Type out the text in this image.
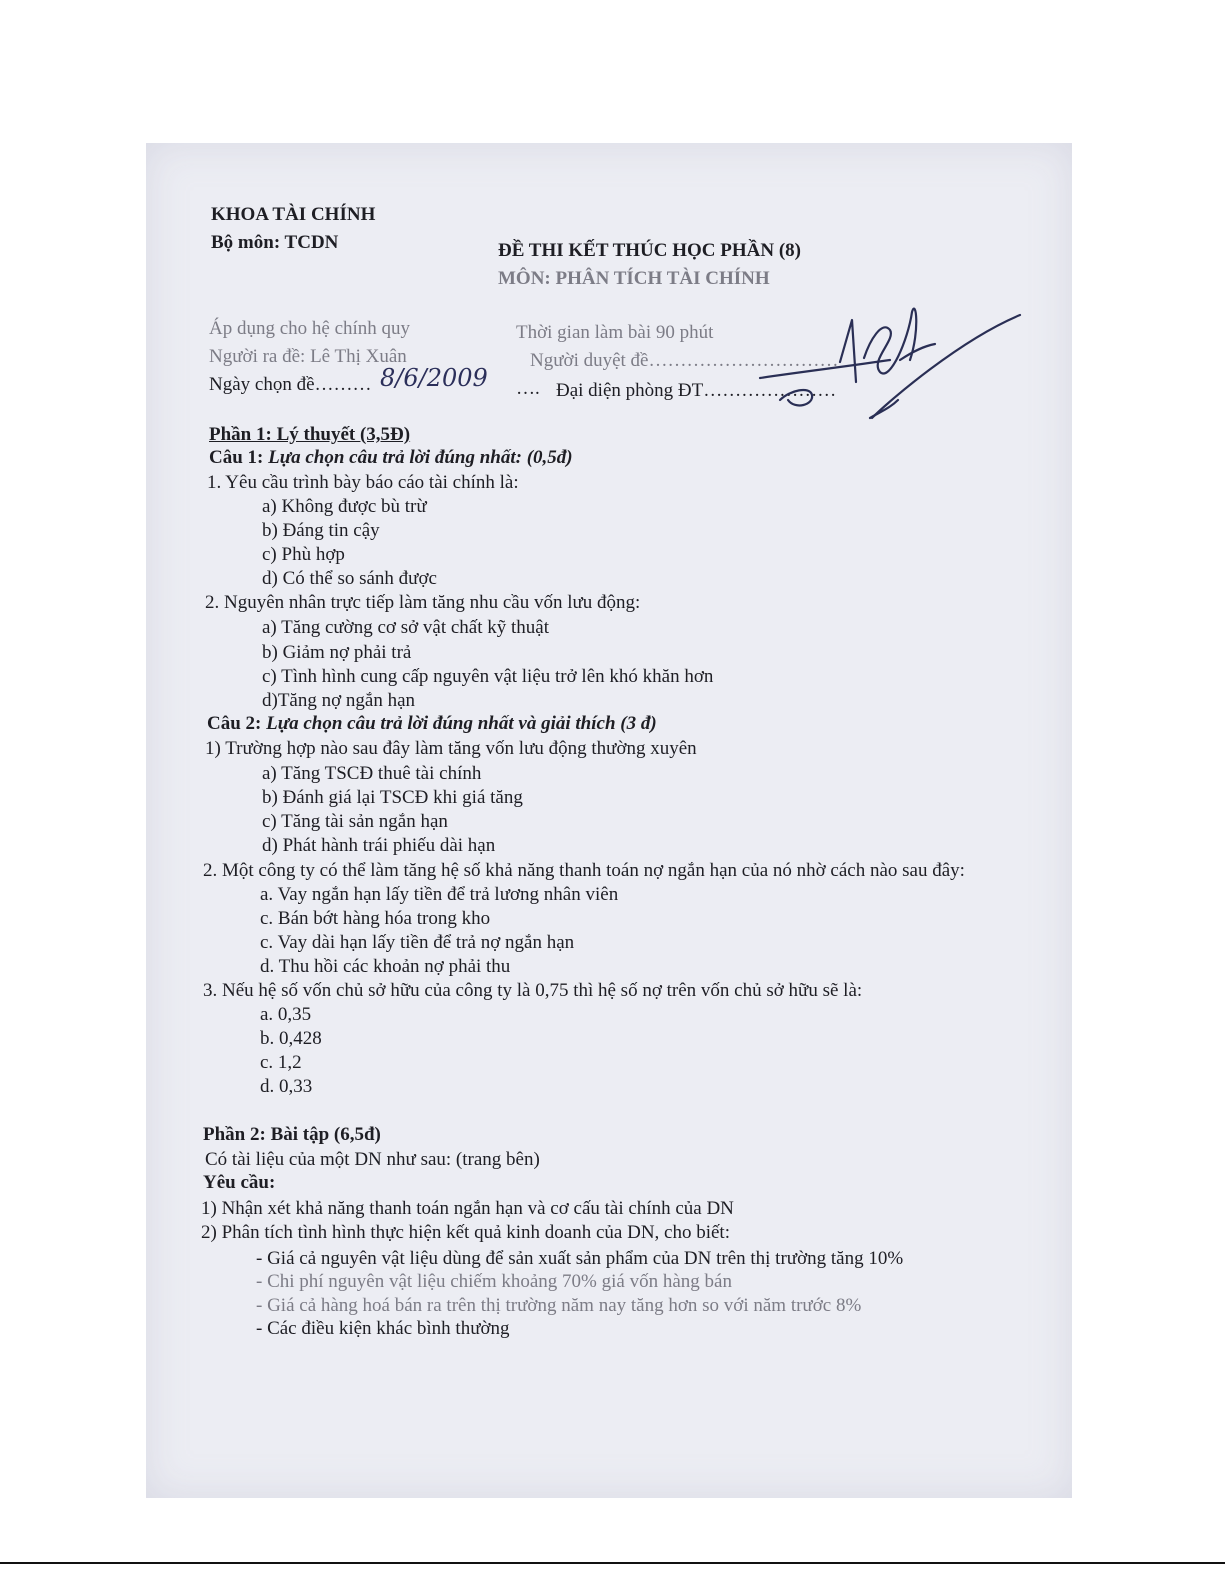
KHOA TÀI CHÍNH
Bộ môn: TCDN	ĐỀ THI KẾT THÚC HỌC PHẦN (8)
MÔN: PHÂN TÍCH TÀI CHÍNH
Áp dụng cho hệ chính quy	Thời gian làm bài 90 phút
Người ra đề: Lê Thị Xuân	Người duyệt đề…………………………
Ngày chọn đề……… 8/6/2009 …. Đại diện phòng ĐT…………………
Phần 1: Lý thuyết (3,5Đ)
Câu 1: Lựa chọn câu trả lời đúng nhất: (0,5đ)
1. Yêu cầu trình bày báo cáo tài chính là:
a) Không được bù trừ
b) Đáng tin cậy
c) Phù hợp
d) Có thể so sánh được
2. Nguyên nhân trực tiếp làm tăng nhu cầu vốn lưu động:
a) Tăng cường cơ sở vật chất kỹ thuật
b) Giảm nợ phải trả
c) Tình hình cung cấp nguyên vật liệu trở lên khó khăn hơn
d)Tăng nợ ngắn hạn
Câu 2: Lựa chọn câu trả lời đúng nhất và giải thích (3 đ)
1) Trường hợp nào sau đây làm tăng vốn lưu động thường xuyên
a) Tăng TSCĐ thuê tài chính
b) Đánh giá lại TSCĐ khi giá tăng
c) Tăng tài sản ngắn hạn
d) Phát hành trái phiếu dài hạn
2. Một công ty có thể làm tăng hệ số khả năng thanh toán nợ ngắn hạn của nó nhờ cách nào sau đây:
a. Vay ngắn hạn lấy tiền để trả lương nhân viên
c. Bán bớt hàng hóa trong kho
c. Vay dài hạn lấy tiền để trả nợ ngắn hạn
d. Thu hồi các khoản nợ phải thu
3. Nếu hệ số vốn chủ sở hữu của công ty là 0,75 thì hệ số nợ trên vốn chủ sở hữu sẽ là:
a. 0,35
b. 0,428
c. 1,2
d. 0,33
Phần 2: Bài tập (6,5đ)
Có tài liệu của một DN như sau: (trang bên)
Yêu cầu:
1) Nhận xét khả năng thanh toán ngắn hạn và cơ cấu tài chính của DN
2) Phân tích tình hình thực hiện kết quả kinh doanh của DN, cho biết:
- Giá cả nguyên vật liệu dùng để sản xuất sản phẩm của DN trên thị trường tăng 10%
- Chi phí nguyên vật liệu chiếm khoảng 70% giá vốn hàng bán
- Giá cả hàng hoá bán ra trên thị trường năm nay tăng hơn so với năm trước 8%
- Các điều kiện khác bình thường
